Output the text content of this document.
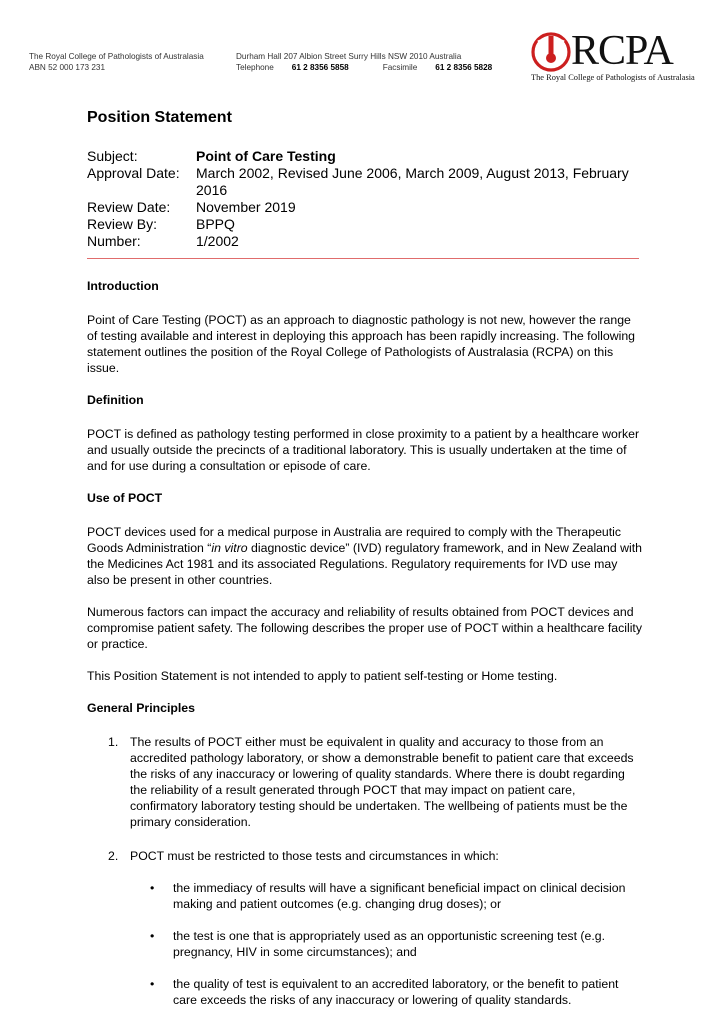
The Royal College of Pathologists of Australasia
ABN 52 000 173 231
Durham Hall 207 Albion Street Surry Hills NSW 2010 Australia
Telephone 61 2 8356 5858	Facsimile 61 2 8356 5828 RCPA
The Royal College of Pathologists of Australasia
Position Statement
Subject:	Point of Care Testing
Approval Date:	March 2002, Revised June 2006, March 2009, August 2013, February 2016
Review Date:	November 2019
Review By:	BPPQ
Number:	1/2002
Introduction

Point of Care Testing (POCT) as an approach to diagnostic pathology is not new, however the range of testing available and interest in deploying this approach has been rapidly increasing. The following statement outlines the position of the Royal College of Pathologists of Australasia (RCPA) on this issue.

Definition

POCT is defined as pathology testing performed in close proximity to a patient by a healthcare worker and usually outside the precincts of a traditional laboratory. This is usually undertaken at the time of and for use during a consultation or episode of care.

Use of POCT

POCT devices used for a medical purpose in Australia are required to comply with the Therapeutic Goods Administration “in vitro diagnostic device” (IVD) regulatory framework, and in New Zealand with the Medicines Act 1981 and its associated Regulations. Regulatory requirements for IVD use may also be present in other countries.

Numerous factors can impact the accuracy and reliability of results obtained from POCT devices and compromise patient safety. The following describes the proper use of POCT within a healthcare facility or practice.

This Position Statement is not intended to apply to patient self-testing or Home testing.

General Principles
1. The results of POCT either must be equivalent in quality and accuracy to those from an accredited pathology laboratory, or show a demonstrable benefit to patient care that exceeds the risks of any inaccuracy or lowering of quality standards. Where there is doubt regarding the reliability of a result generated through POCT that may impact on patient care, confirmatory laboratory testing should be undertaken. The wellbeing of patients must be the primary consideration.
2. POCT must be restricted to those tests and circumstances in which:
• the immediacy of results will have a significant beneficial impact on clinical decision making and patient outcomes (e.g. changing drug doses); or
• the test is one that is appropriately used as an opportunistic screening test (e.g. pregnancy, HIV in some circumstances); and
• the quality of test is equivalent to an accredited laboratory, or the benefit to patient care exceeds the risks of any inaccuracy or lowering of quality standards.
